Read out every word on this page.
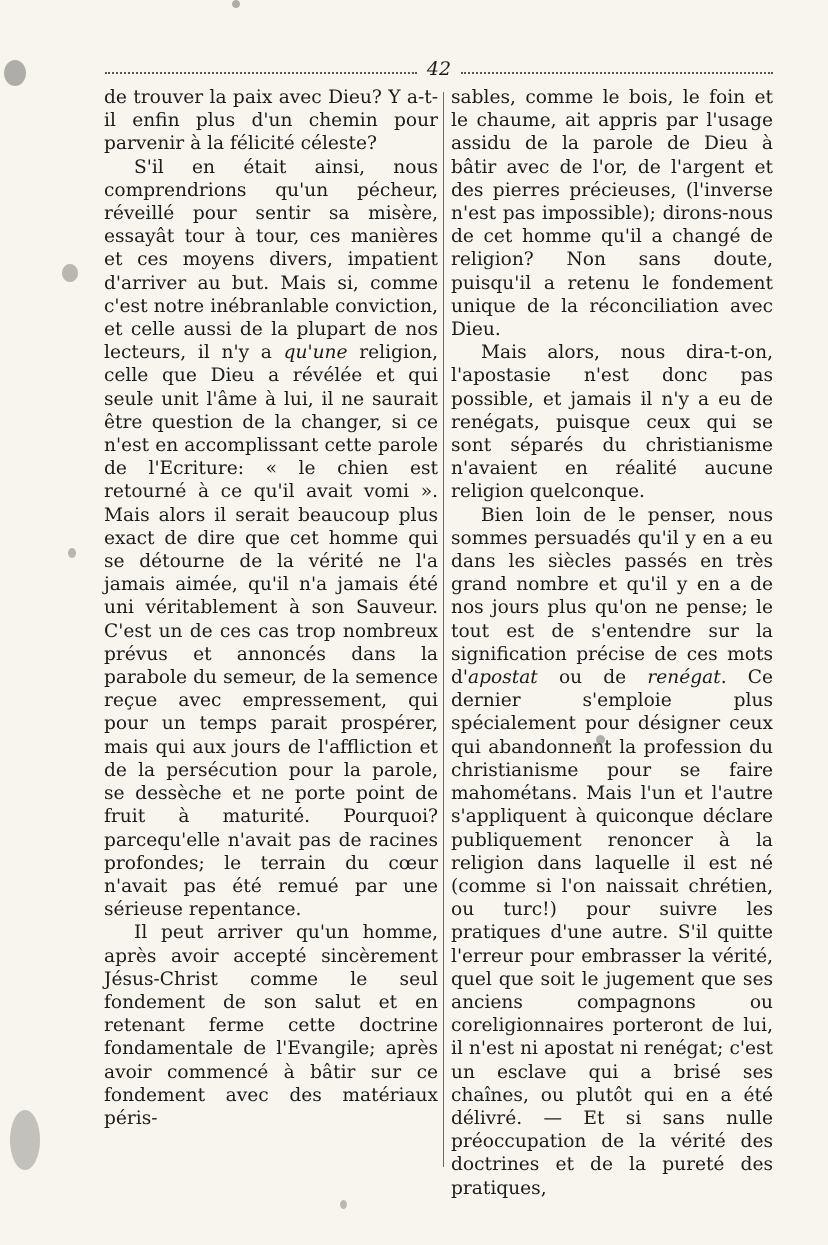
42

de trouver la paix avec Dieu? Y a-t-il enfin plus d'un chemin pour parvenir à la félicité céleste?

S'il en était ainsi, nous comprendrions qu'un pécheur, réveillé pour sentir sa misère, essayât tour à tour, ces manières et ces moyens divers, impatient d'arriver au but. Mais si, comme c'est notre inébranlable conviction, et celle aussi de la plupart de nos lecteurs, il n'y a qu'une religion, celle que Dieu a révélée et qui seule unit l'âme à lui, il ne saurait être question de la changer, si ce n'est en accomplissant cette parole de l'Ecriture: « le chien est retourné à ce qu'il avait vomi ». Mais alors il serait beaucoup plus exact de dire que cet homme qui se détourne de la vérité ne l'a jamais aimée, qu'il n'a jamais été uni véritablement à son Sauveur. C'est un de ces cas trop nombreux prévus et annoncés dans la parabole du semeur, de la semence reçue avec empressement, qui pour un temps parait prospérer, mais qui aux jours de l'affliction et de la persécution pour la parole, se dessèche et ne porte point de fruit à maturité. Pourquoi? parcequ'elle n'avait pas de racines profondes; le terrain du cœur n'avait pas été remué par une sérieuse repentance.

Il peut arriver qu'un homme, après avoir accepté sincèrement Jésus-Christ comme le seul fondement de son salut et en retenant ferme cette doctrine fondamentale de l'Evangile; après avoir commencé à bâtir sur ce fondement avec des matériaux péris-

sables, comme le bois, le foin et le chaume, ait appris par l'usage assidu de la parole de Dieu à bâtir avec de l'or, de l'argent et des pierres précieuses, (l'inverse n'est pas impossible); dirons-nous de cet homme qu'il a changé de religion? Non sans doute, puisqu'il a retenu le fondement unique de la réconciliation avec Dieu.

Mais alors, nous dira-t-on, l'apostasie n'est donc pas possible, et jamais il n'y a eu de renégats, puisque ceux qui se sont séparés du christianisme n'avaient en réalité aucune religion quelconque.

Bien loin de le penser, nous sommes persuadés qu'il y en a eu dans les siècles passés en très grand nombre et qu'il y en a de nos jours plus qu'on ne pense; le tout est de s'entendre sur la signification précise de ces mots d'apostat ou de renégat. Ce dernier s'emploie plus spécialement pour désigner ceux qui abandonnent la profession du christianisme pour se faire mahométans. Mais l'un et l'autre s'appliquent à quiconque déclare publiquement renoncer à la religion dans laquelle il est né (comme si l'on naissait chrétien, ou turc!) pour suivre les pratiques d'une autre. S'il quitte l'erreur pour embrasser la vérité, quel que soit le jugement que ses anciens compagnons ou coreligionnaires porteront de lui, il n'est ni apostat ni renégat; c'est un esclave qui a brisé ses chaînes, ou plutôt qui en a été délivré. — Et si sans nulle préoccupation de la vérité des doctrines et de la pureté des pratiques,
